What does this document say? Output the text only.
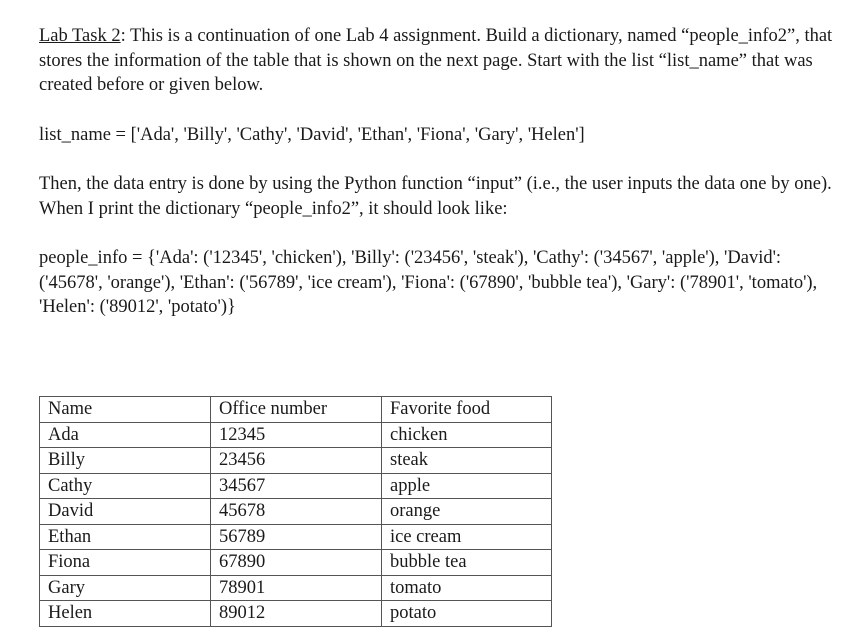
Lab Task 2: This is a continuation of one Lab 4 assignment. Build a dictionary, named “people_info2”, that stores the information of the table that is shown on the next page. Start with the list “list_name” that was created before or given below.

list_name = ['Ada', 'Billy', 'Cathy', 'David', 'Ethan', 'Fiona', 'Gary', 'Helen']

Then, the data entry is done by using the Python function “input” (i.e., the user inputs the data one by one). When I print the dictionary “people_info2”, it should look like:

people_info = {'Ada': ('12345', 'chicken'), 'Billy': ('23456', 'steak'), 'Cathy': ('34567', 'apple'), 'David': ('45678', 'orange'), 'Ethan': ('56789', 'ice cream'), 'Fiona': ('67890', 'bubble tea'), 'Gary': ('78901', 'tomato'), 'Helen': ('89012', 'potato')}

Name	Office number	Favorite food
Ada	12345	chicken
Billy	23456	steak
Cathy	34567	apple
David	45678	orange
Ethan	56789	ice cream
Fiona	67890	bubble tea
Gary	78901	tomato
Helen	89012	potato
